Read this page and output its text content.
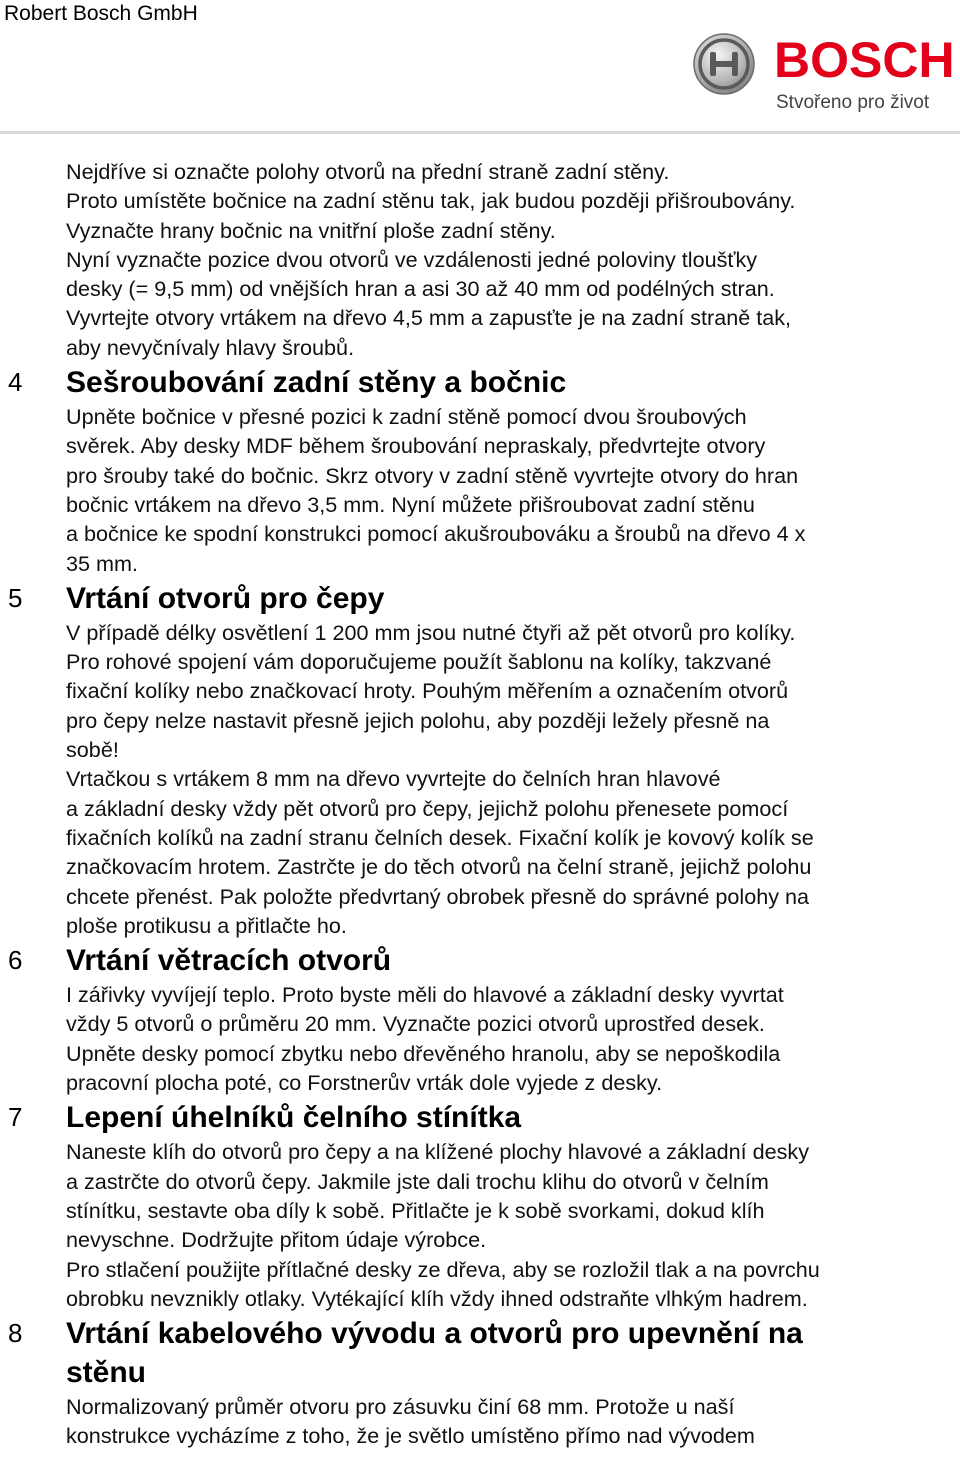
Robert Bosch GmbH
BOSCH
Stvořeno pro život
Nejdříve si označte polohy otvorů na přední straně zadní stěny.
Proto umístěte bočnice na zadní stěnu tak, jak budou později přišroubovány.
Vyznačte hrany bočnic na vnitřní ploše zadní stěny.
Nyní vyznačte pozice dvou otvorů ve vzdálenosti jedné poloviny tloušťky
desky (= 9,5 mm) od vnějších hran a asi 30 až 40 mm od podélných stran.
Vyvrtejte otvory vrtákem na dřevo 4,5 mm a zapusťte je na zadní straně tak,
aby nevyčnívaly hlavy šroubů.
4 Sešroubování zadní stěny a bočnic
Upněte bočnice v přesné pozici k zadní stěně pomocí dvou šroubových
svěrek. Aby desky MDF během šroubování nepraskaly, předvrtejte otvory
pro šrouby také do bočnic. Skrz otvory v zadní stěně vyvrtejte otvory do hran
bočnic vrtákem na dřevo 3,5 mm. Nyní můžete přišroubovat zadní stěnu
a bočnice ke spodní konstrukci pomocí akušroubováku a šroubů na dřevo 4 x
35 mm.
5 Vrtání otvorů pro čepy
V případě délky osvětlení 1 200 mm jsou nutné čtyři až pět otvorů pro kolíky.
Pro rohové spojení vám doporučujeme použít šablonu na kolíky, takzvané
fixační kolíky nebo značkovací hroty. Pouhým měřením a označením otvorů
pro čepy nelze nastavit přesně jejich polohu, aby později ležely přesně na
sobě!
Vrtačkou s vrtákem 8 mm na dřevo vyvrtejte do čelních hran hlavové
a základní desky vždy pět otvorů pro čepy, jejichž polohu přenesete pomocí
fixačních kolíků na zadní stranu čelních desek. Fixační kolík je kovový kolík se
značkovacím hrotem. Zastrčte je do těch otvorů na čelní straně, jejichž polohu
chcete přenést. Pak položte předvrtaný obrobek přesně do správné polohy na
ploše protikusu a přitlačte ho.
6 Vrtání větracích otvorů
I zářivky vyvíjejí teplo. Proto byste měli do hlavové a základní desky vyvrtat
vždy 5 otvorů o průměru 20 mm. Vyznačte pozici otvorů uprostřed desek.
Upněte desky pomocí zbytku nebo dřevěného hranolu, aby se nepoškodila
pracovní plocha poté, co Forstnerův vrták dole vyjede z desky.
7 Lepení úhelníků čelního stínítka
Naneste klíh do otvorů pro čepy a na klížené plochy hlavové a základní desky
a zastrčte do otvorů čepy. Jakmile jste dali trochu klihu do otvorů v čelním
stínítku, sestavte oba díly k sobě. Přitlačte je k sobě svorkami, dokud klíh
nevyschne. Dodržujte přitom údaje výrobce.
Pro stlačení použijte přítlačné desky ze dřeva, aby se rozložil tlak a na povrchu
obrobku nevznikly otlaky. Vytékající klíh vždy ihned odstraňte vlhkým hadrem.
8 Vrtání kabelového vývodu a otvorů pro upevnění na
stěnu
Normalizovaný průměr otvoru pro zásuvku činí 68 mm. Protože u naší
konstrukce vycházíme z toho, že je světlo umístěno přímo nad vývodem
